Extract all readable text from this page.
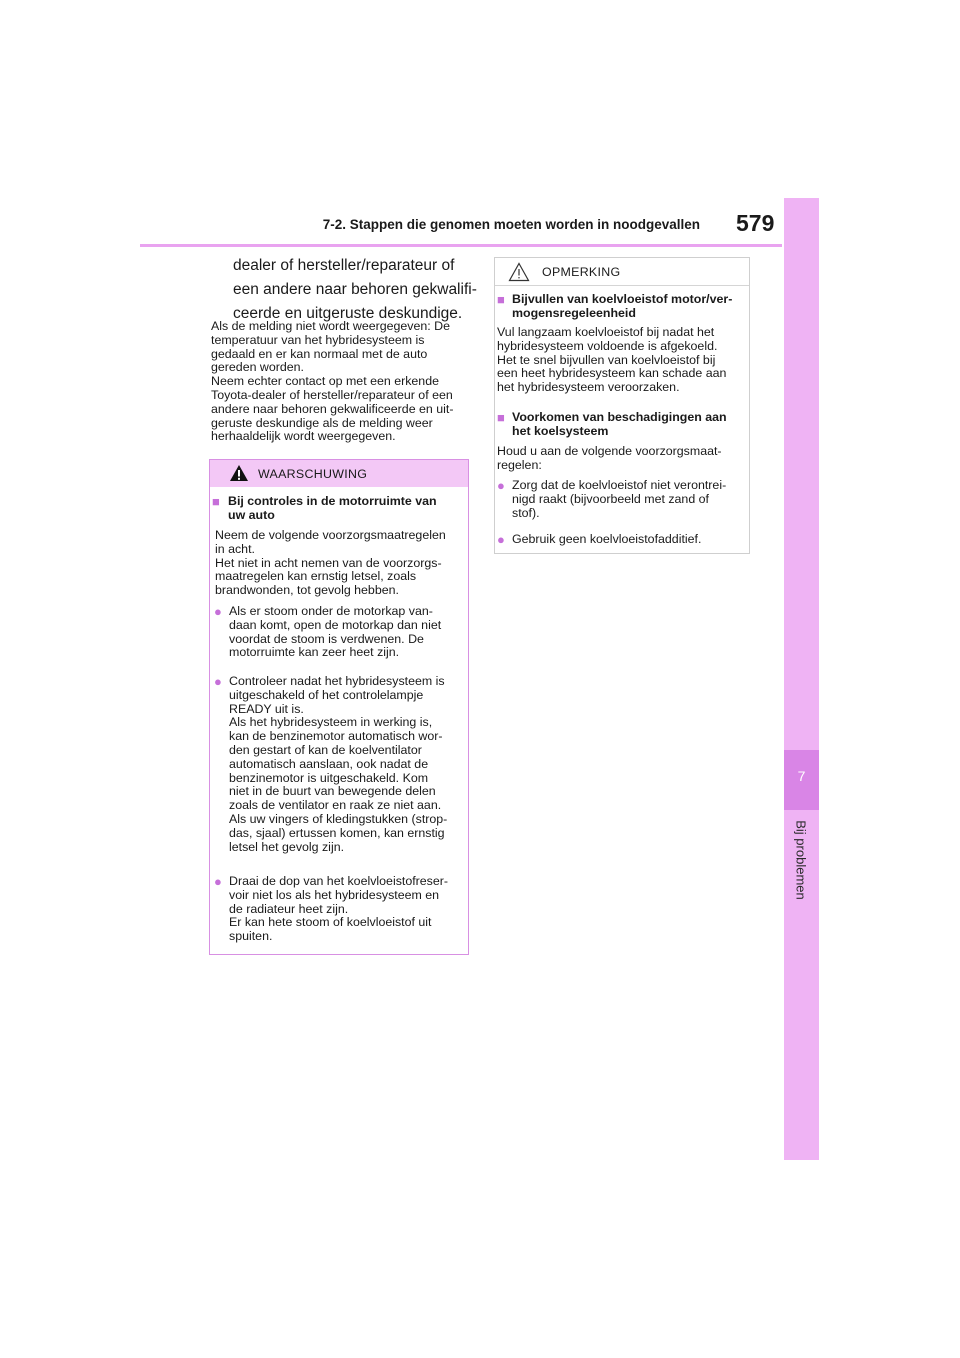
7-2. Stappen die genomen moeten worden in noodgevallen 579
7
Bij problemen
dealer of hersteller/reparateur of
een andere naar behoren gekwalifi-
ceerde en uitgeruste deskundige.
Als de melding niet wordt weergegeven: De
temperatuur van het hybridesysteem is
gedaald en er kan normaal met de auto
gereden worden.
Neem echter contact op met een erkende
Toyota-dealer of hersteller/reparateur of een
andere naar behoren gekwalificeerde en uit-
geruste deskundige als de melding weer
herhaaldelijk wordt weergegeven.
WAARSCHUWING
■ Bij controles in de motorruimte van
uw auto
Neem de volgende voorzorgsmaatregelen
in acht.
Het niet in acht nemen van de voorzorgs-
maatregelen kan ernstig letsel, zoals
brandwonden, tot gevolg hebben.
● Als er stoom onder de motorkap van-
daan komt, open de motorkap dan niet
voordat de stoom is verdwenen. De
motorruimte kan zeer heet zijn.
● Controleer nadat het hybridesysteem is
uitgeschakeld of het controlelampje
READY uit is.
Als het hybridesysteem in werking is,
kan de benzinemotor automatisch wor-
den gestart of kan de koelventilator
automatisch aanslaan, ook nadat de
benzinemotor is uitgeschakeld. Kom
niet in de buurt van bewegende delen
zoals de ventilator en raak ze niet aan.
Als uw vingers of kledingstukken (strop-
das, sjaal) ertussen komen, kan ernstig
letsel het gevolg zijn.
● Draai de dop van het koelvloeistofreser-
voir niet los als het hybridesysteem en
de radiateur heet zijn.
Er kan hete stoom of koelvloeistof uit
spuiten.
OPMERKING
■ Bijvullen van koelvloeistof motor/ver-
mogensregeleenheid
Vul langzaam koelvloeistof bij nadat het
hybridesysteem voldoende is afgekoeld.
Het te snel bijvullen van koelvloeistof bij
een heet hybridesysteem kan schade aan
het hybridesysteem veroorzaken.
■ Voorkomen van beschadigingen aan
het koelsysteem
Houd u aan de volgende voorzorgsmaat-
regelen:
● Zorg dat de koelvloeistof niet verontrei-
nigd raakt (bijvoorbeeld met zand of
stof).
● Gebruik geen koelvloeistofadditief.
